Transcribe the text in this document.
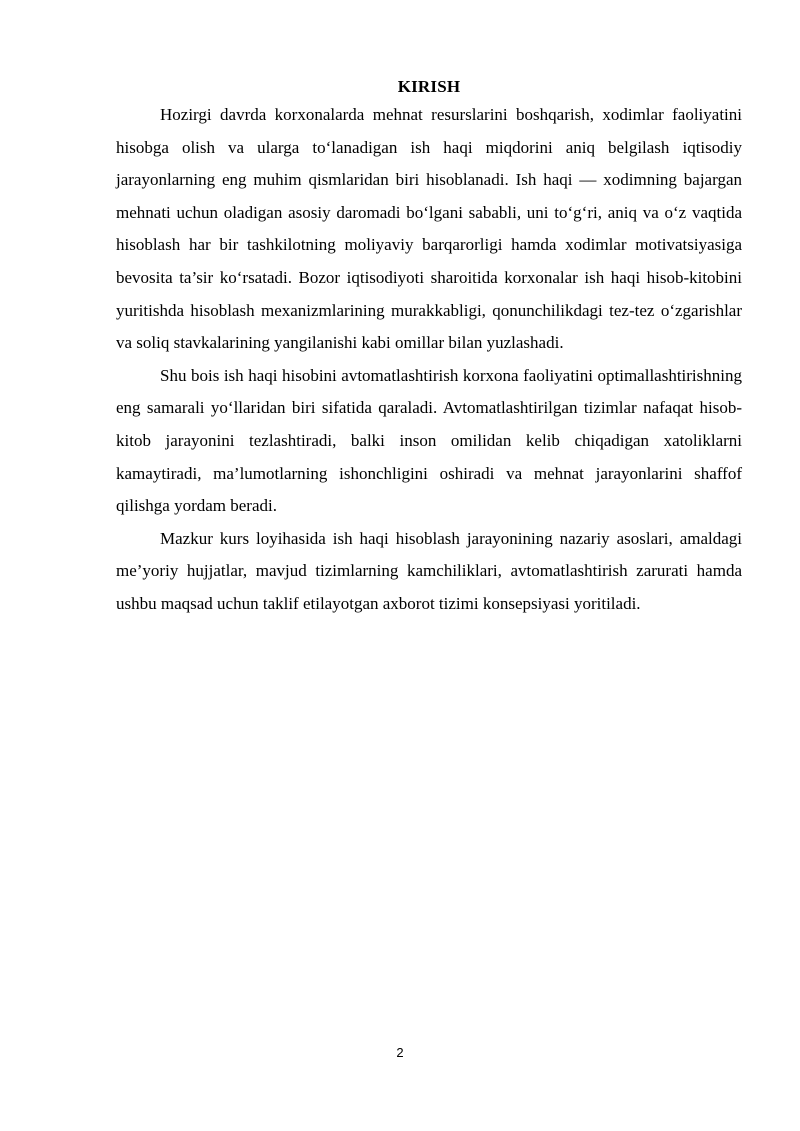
KIRISH

Hozirgi davrda korxonalarda mehnat resurslarini boshqarish, xodimlar faoliyatini hisobga olish va ularga to‘lanadigan ish haqi miqdorini aniq belgilash iqtisodiy jarayonlarning eng muhim qismlaridan biri hisoblanadi. Ish haqi — xodimning bajargan mehnati uchun oladigan asosiy daromadi bo‘lgani sababli, uni to‘g‘ri, aniq va o‘z vaqtida hisoblash har bir tashkilotning moliyaviy barqarorligi hamda xodimlar motivatsiyasiga bevosita ta’sir ko‘rsatadi. Bozor iqtisodiyoti sharoitida korxonalar ish haqi hisob-kitobini yuritishda hisoblash mexanizmlarining murakkabligi, qonunchilikdagi tez-tez o‘zgarishlar va soliq stavkalarining yangilanishi kabi omillar bilan yuzlashadi.

Shu bois ish haqi hisobini avtomatlashtirish korxona faoliyatini optimallashtirishning eng samarali yo‘llaridan biri sifatida qaraladi. Avtomatlashtirilgan tizimlar nafaqat hisob-kitob jarayonini tezlashtiradi, balki inson omilidan kelib chiqadigan xatoliklarni kamaytiradi, ma’lumotlarning ishonchligini oshiradi va mehnat jarayonlarini shaffof qilishga yordam beradi.

Mazkur kurs loyihasida ish haqi hisoblash jarayonining nazariy asoslari, amaldagi me’yoriy hujjatlar, mavjud tizimlarning kamchiliklari, avtomatlashtirish zarurati hamda ushbu maqsad uchun taklif etilayotgan axborot tizimi konsepsiyasi yoritiladi.

2
